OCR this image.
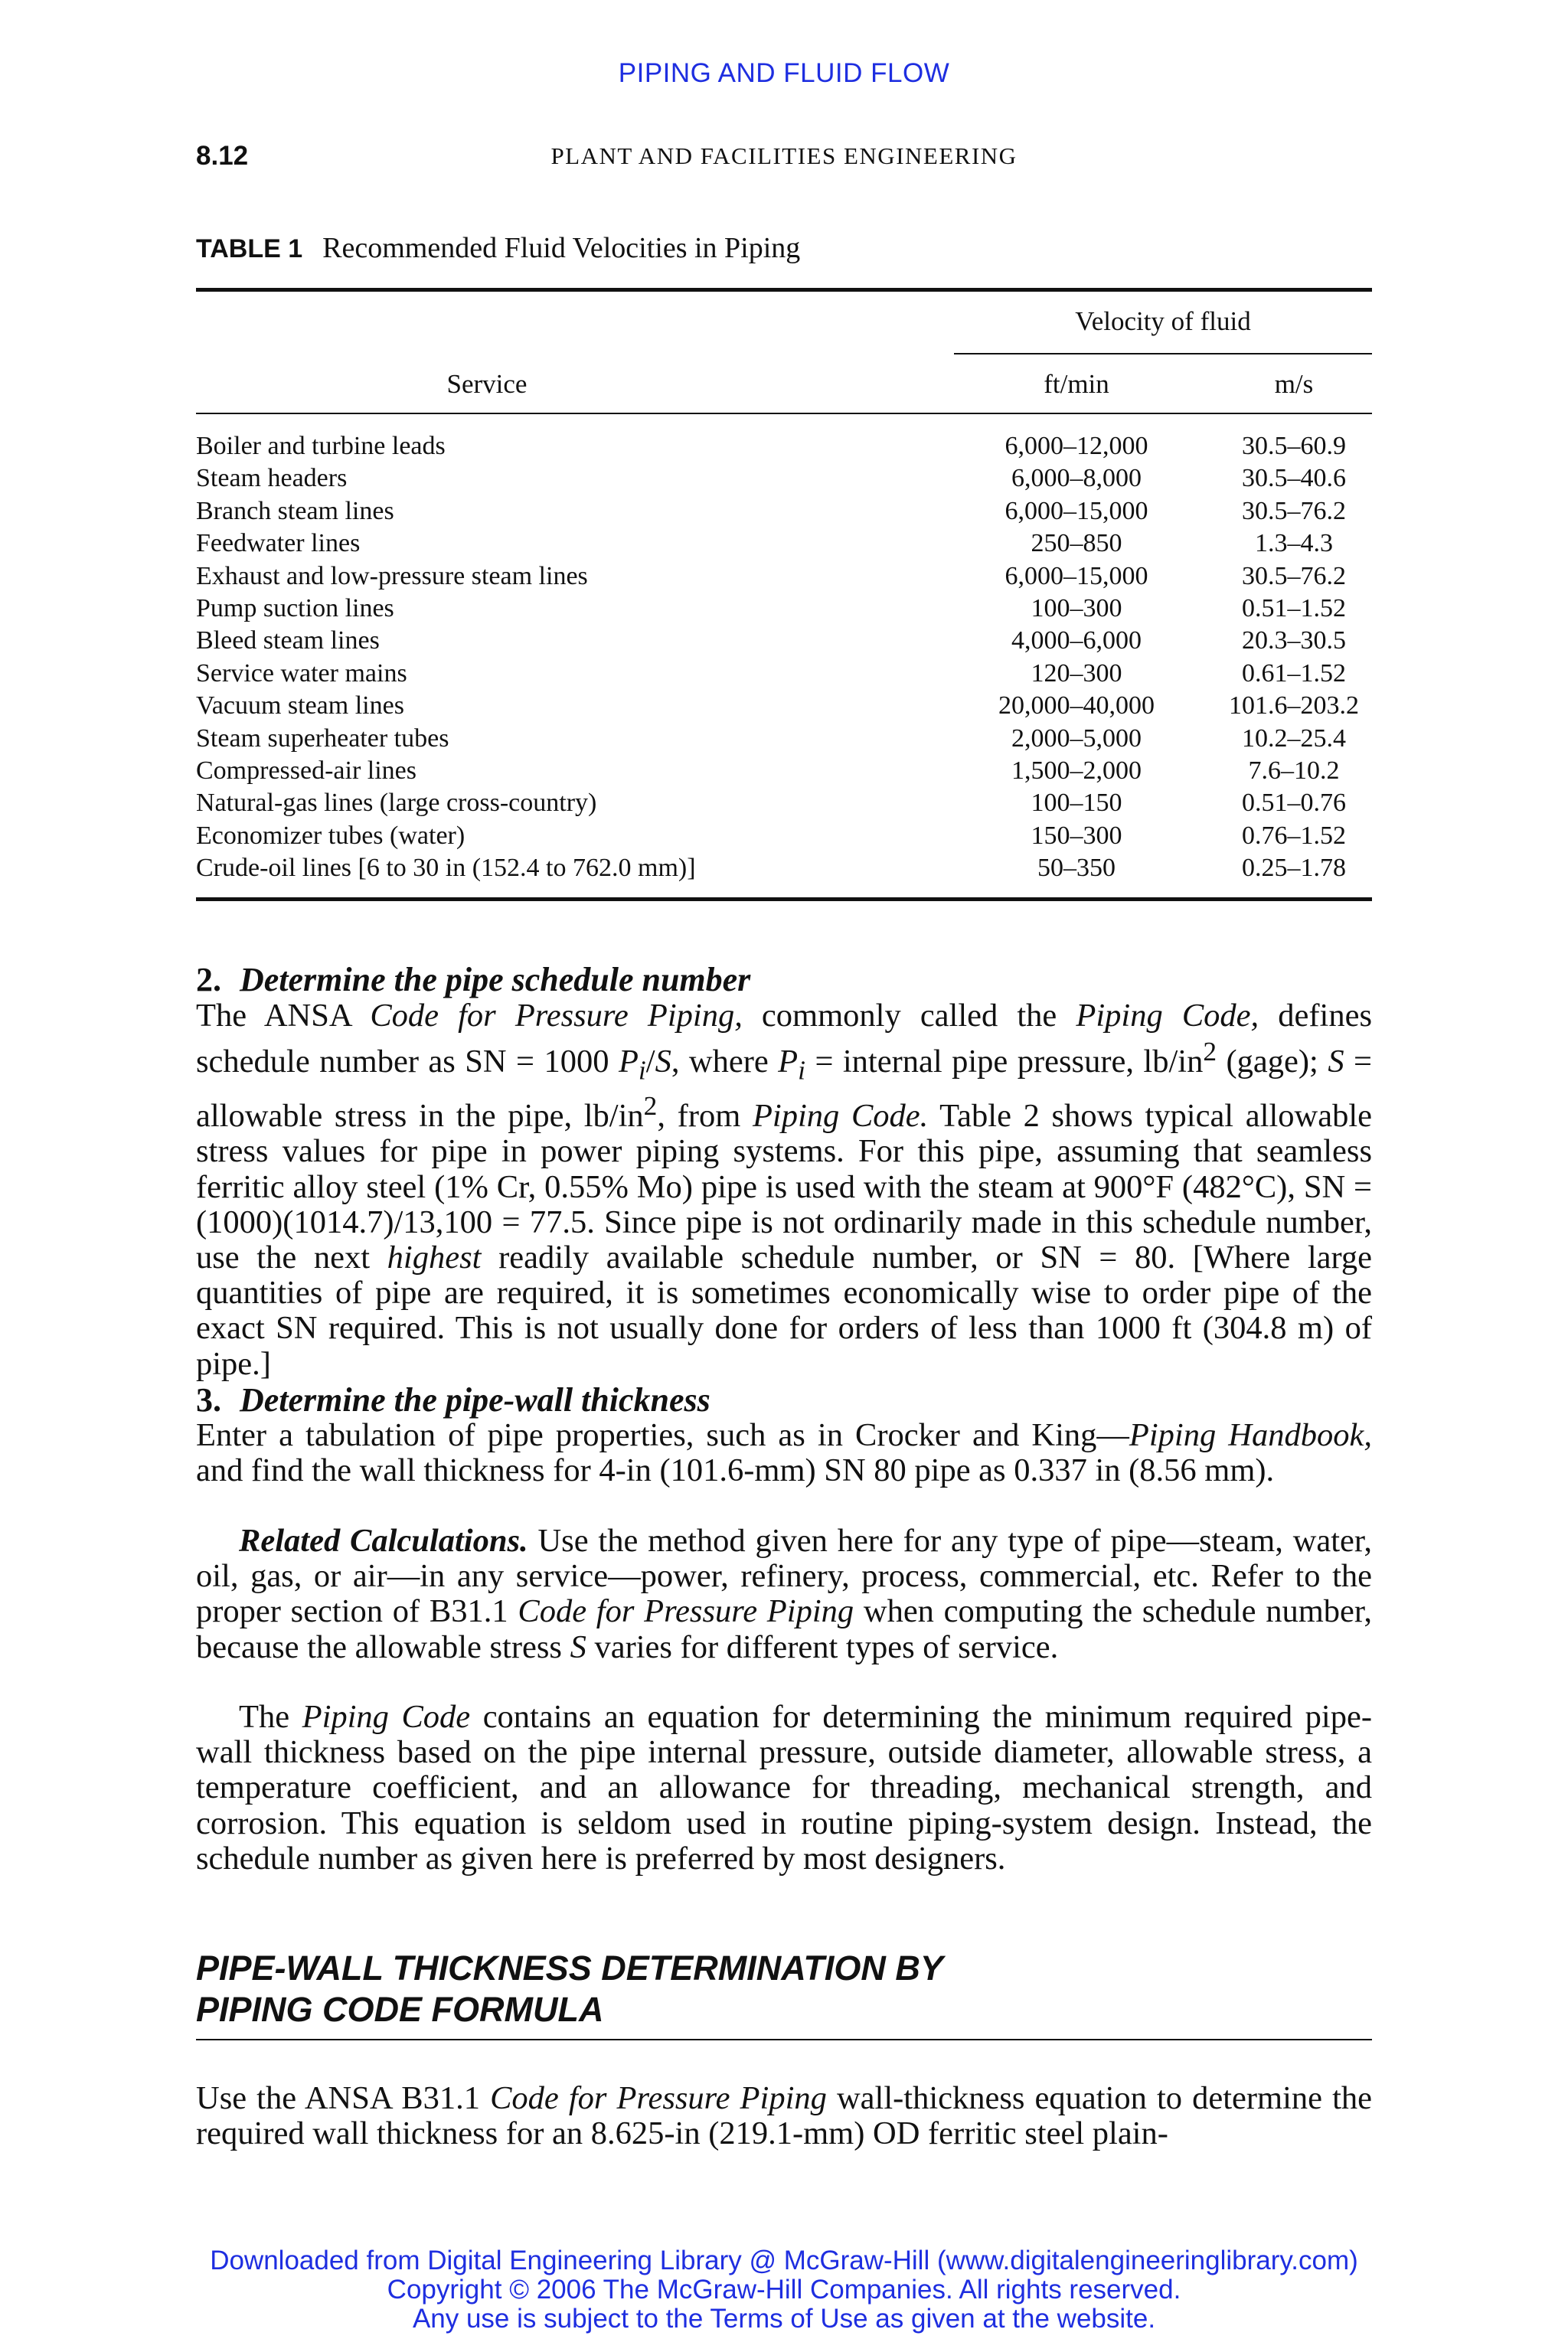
PIPING AND FLUID FLOW
8.12	PLANT AND FACILITIES ENGINEERING
TABLE 1 Recommended Fluid Velocities in Piping
Velocity of fluid
Service	ft/min	m/s
Boiler and turbine leads	6,000–12,000	30.5–60.9
Steam headers	6,000–8,000	30.5–40.6
Branch steam lines	6,000–15,000	30.5–76.2
Feedwater lines	250–850	1.3–4.3
Exhaust and low-pressure steam lines	6,000–15,000	30.5–76.2
Pump suction lines	100–300	0.51–1.52
Bleed steam lines	4,000–6,000	20.3–30.5
Service water mains	120–300	0.61–1.52
Vacuum steam lines	20,000–40,000	101.6–203.2
Steam superheater tubes	2,000–5,000	10.2–25.4
Compressed-air lines	1,500–2,000	7.6–10.2
Natural-gas lines (large cross-country)	100–150	0.51–0.76
Economizer tubes (water)	150–300	0.76–1.52
Crude-oil lines [6 to 30 in (152.4 to 762.0 mm)]	50–350	0.25–1.78
2. Determine the pipe schedule number
The ANSA Code for Pressure Piping, commonly called the Piping Code, defines schedule number as SN = 1000 $P_i/S$, where $P_i$ = internal pipe pressure, $lb/in^2$ (gage); S = allowable stress in the pipe, $lb/in^2$, from Piping Code. Table 2 shows typical allowable stress values for pipe in power piping systems. For this pipe, assuming that seamless ferritic alloy steel (1% Cr, 0.55% Mo) pipe is used with the steam at 900°F (482°C), SN = (1000)(1014.7)/13,100 = 77.5. Since pipe is not ordinarily made in this schedule number, use the next highest readily available schedule number, or SN = 80. [Where large quantities of pipe are required, it is sometimes economically wise to order pipe of the exact SN required. This is not usually done for orders of less than 1000 ft (304.8 m) of pipe.]
3. Determine the pipe-wall thickness
Enter a tabulation of pipe properties, such as in Crocker and King—Piping Handbook, and find the wall thickness for 4-in (101.6-mm) SN 80 pipe as 0.337 in (8.56 mm).
Related Calculations. Use the method given here for any type of pipe—steam, water, oil, gas, or air—in any service—power, refinery, process, commercial, etc. Refer to the proper section of B31.1 Code for Pressure Piping when computing the schedule number, because the allowable stress S varies for different types of service.
The Piping Code contains an equation for determining the minimum required pipe-wall thickness based on the pipe internal pressure, outside diameter, allowable stress, a temperature coefficient, and an allowance for threading, mechanical strength, and corrosion. This equation is seldom used in routine piping-system design. Instead, the schedule number as given here is preferred by most designers.
PIPE-WALL THICKNESS DETERMINATION BY
PIPING CODE FORMULA
Use the ANSA B31.1 Code for Pressure Piping wall-thickness equation to determine the required wall thickness for an 8.625-in (219.1-mm) OD ferritic steel plain-
Downloaded from Digital Engineering Library @ McGraw-Hill (www.digitalengineeringlibrary.com)
Copyright © 2006 The McGraw-Hill Companies. All rights reserved.
Any use is subject to the Terms of Use as given at the website.
